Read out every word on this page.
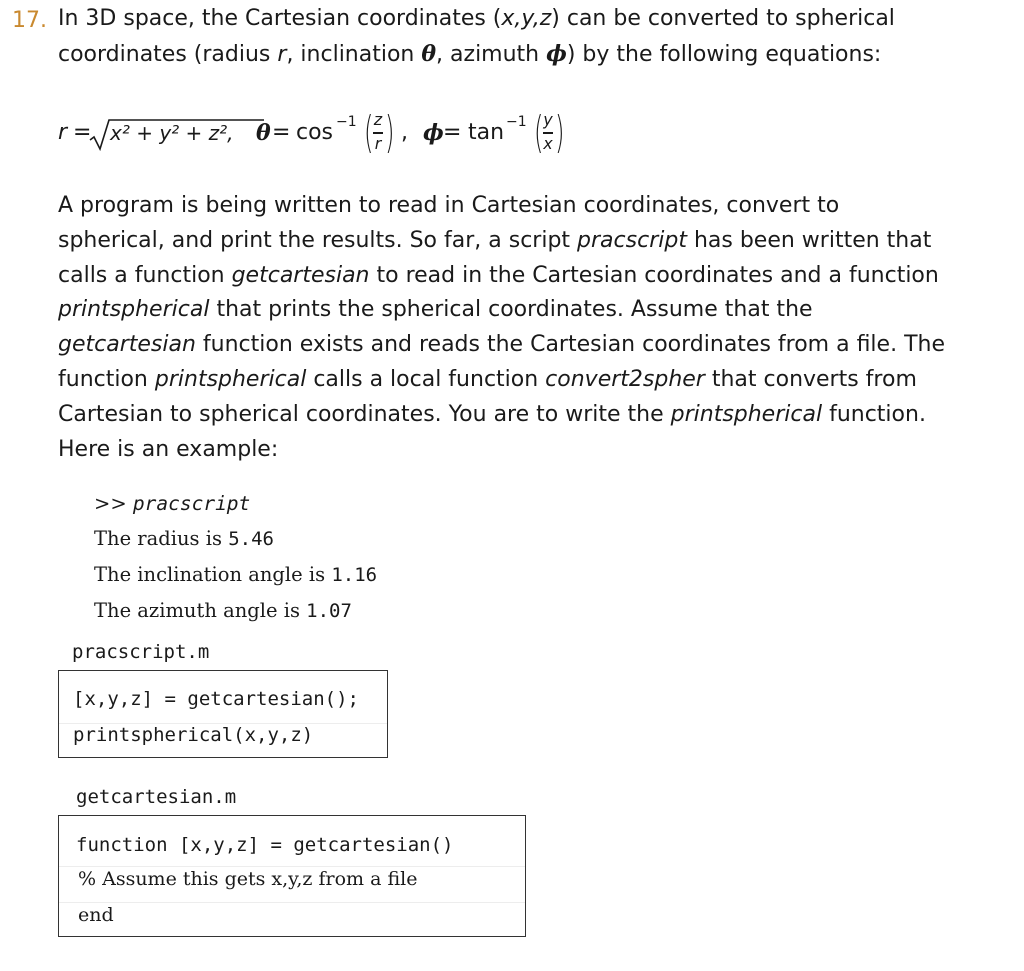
17. In 3D space, the Cartesian coordinates (x,y,z) can be converted to spherical
coordinates (radius r, inclination θ, azimuth ϕ) by the following equations:
r = x² + y² + z², θ = cos −1 ( z
r ) , ϕ = tan −1 ( y
x )
A program is being written to read in Cartesian coordinates, convert to
spherical, and print the results. So far, a script pracscript has been written that
calls a function getcartesian to read in the Cartesian coordinates and a function
printspherical that prints the spherical coordinates. Assume that the
getcartesian function exists and reads the Cartesian coordinates from a file. The
function printspherical calls a local function convert2spher that converts from
Cartesian to spherical coordinates. You are to write the printspherical function.
Here is an example:
>> pracscript
The radius is 5.46
The inclination angle is 1.16
The azimuth angle is 1.07
pracscript.m
[x,y,z] = getcartesian();
printspherical(x,y,z)
getcartesian.m
function [x,y,z] = getcartesian()
% Assume this gets x,y,z from a file
end
